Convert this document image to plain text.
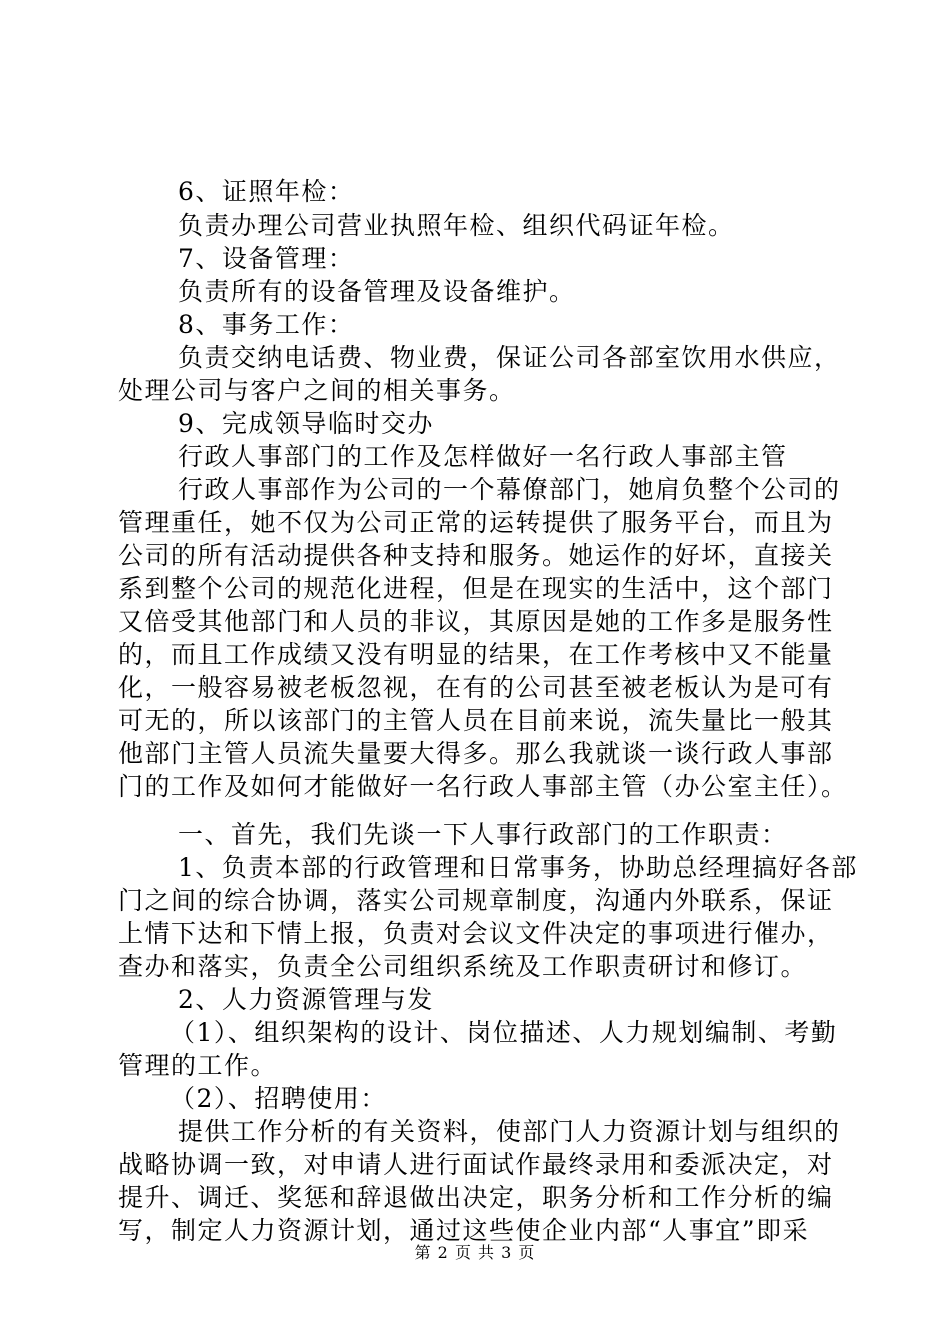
6、证照年检：
负责办理公司营业执照年检、组织代码证年检。
7、设备管理：
负责所有的设备管理及设备维护。
8、事务工作：
负责交纳电话费、物业费，保证公司各部室饮用水供应，
处理公司与客户之间的相关事务。
9、完成领导临时交办
行政人事部门的工作及怎样做好一名行政人事部主管
行政人事部作为公司的一个幕僚部门，她肩负整个公司的
管理重任，她不仅为公司正常的运转提供了服务平台，而且为
公司的所有活动提供各种支持和服务。她运作的好坏，直接关
系到整个公司的规范化进程，但是在现实的生活中，这个部门
又倍受其他部门和人员的非议，其原因是她的工作多是服务性
的，而且工作成绩又没有明显的结果，在工作考核中又不能量
化，一般容易被老板忽视，在有的公司甚至被老板认为是可有
可无的，所以该部门的主管人员在目前来说，流失量比一般其
他部门主管人员流失量要大得多。那么我就谈一谈行政人事部
门的工作及如何才能做好一名行政人事部主管（办公室主任）。
一、首先，我们先谈一下人事行政部门的工作职责：
1、负责本部的行政管理和日常事务，协助总经理搞好各部
门之间的综合协调，落实公司规章制度，沟通内外联系，保证
上情下达和下情上报，负责对会议文件决定的事项进行催办，
查办和落实，负责全公司组织系统及工作职责研讨和修订。
2、人力资源管理与发
（1）、组织架构的设计、岗位描述、人力规划编制、考勤
管理的工作。
（2）、招聘使用：
提供工作分析的有关资料，使部门人力资源计划与组织的
战略协调一致，对申请人进行面试作最终录用和委派决定，对
提升、调迁、奖惩和辞退做出决定，职务分析和工作分析的编
写，制定人力资源计划，通过这些使企业内部“人事宜”即采
第 2 页 共 3 页
